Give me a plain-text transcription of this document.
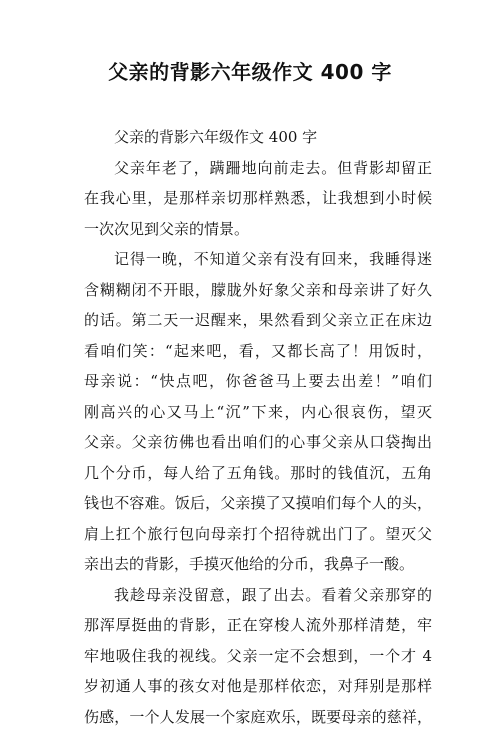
父亲的背影六年级作文 400 字
父亲的背影六年级作文 400 字
父亲年老了，蹒跚地向前走去。但背影却留正
在我心里，是那样亲切那样熟悉，让我想到小时候
一次次见到父亲的情景。
记得一晚，不知道父亲有没有回来，我睡得迷
含糊糊闭不开眼，朦胧外好象父亲和母亲讲了好久
的话。第二天一迟醒来，果然看到父亲立正在床边
看咱们笑：“起来吧，看，又都长高了！用饭时，
母亲说：“快点吧，你爸爸马上要去出差！”咱们
刚高兴的心又马上“沉”下来，内心很哀伤，望灭
父亲。父亲彷佛也看出咱们的心事父亲从口袋掏出
几个分币，每人给了五角钱。那时的钱值沉，五角
钱也不容难。饭后，父亲摸了又摸咱们每个人的头，
肩上扛个旅行包向母亲打个招待就出门了。望灭父
亲出去的背影，手摸灭他给的分币，我鼻子一酸。
我趁母亲没留意，跟了出去。看着父亲那穿的
那浑厚挺曲的背影，正在穿梭人流外那样清楚，牢
牢地吸住我的视线。父亲一定不会想到，一个才 4
岁初通人事的孩女对他是那样依恋，对拜别是那样
伤感，一个人发展一个家庭欢乐，既要母亲的慈祥，
